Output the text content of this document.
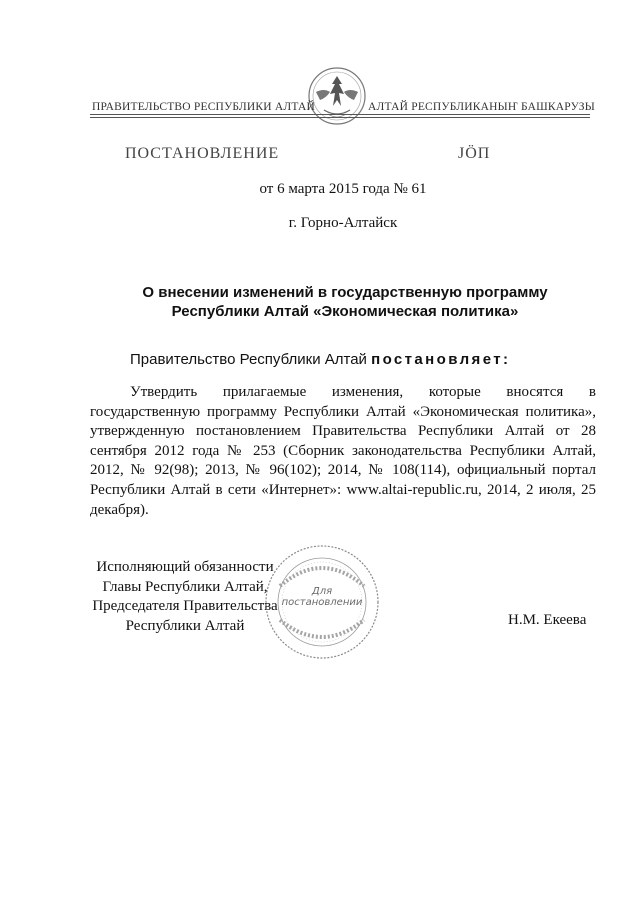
ПРАВИТЕЛЬСТВО РЕСПУБЛИКИ АЛТАЙ	АЛТАЙ РЕСПУБЛИКАНЫҤ БАШКАРУЗЫ
ПОСТАНОВЛЕНИЕ	JӦП
от 6 марта 2015 года № 61
г. Горно-Алтайск
О внесении изменений в государственную программу
Республики Алтай «Экономическая политика»
Правительство Республики Алтай постановляет:

Утвердить прилагаемые изменения, которые вносятся в государственную программу Республики Алтай «Экономическая политика», утвержденную постановлением Правительства Республики Алтай от 28 сентября 2012 года № 253 (Сборник законодательства Республики Алтай, 2012, № 92(98); 2013, № 96(102); 2014, № 108(114), официальный портал Республики Алтай в сети «Интернет»: www.altai-republic.ru, 2014, 2 июля, 25 декабря).

Исполняющий обязанности
Главы Республики Алтай,
Председателя Правительства
Республики Алтай
Для
постановлении
Н.М. Екеева
